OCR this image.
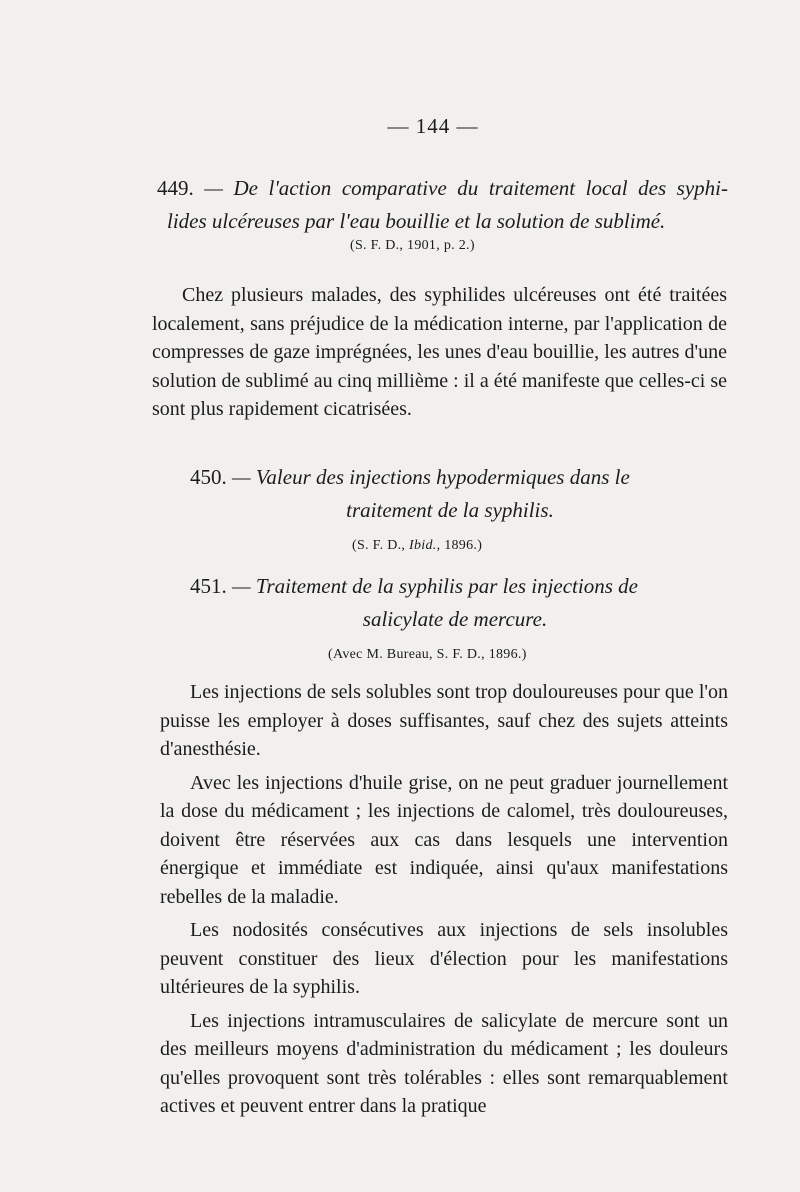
— 144 —
449. — De l'action comparative du traitement local des syphi-
lides ulcéreuses par l'eau bouillie et la solution de sublimé.
(S. F. D., 1901, p. 2.)

Chez plusieurs malades, des syphilides ulcéreuses ont été traitées localement, sans préjudice de la médication interne, par l'application de compresses de gaze imprégnées, les unes d'eau bouillie, les autres d'une solution de sublimé au cinq millième : il a été manifeste que celles-ci se sont plus rapidement cicatrisées.

450. — Valeur des injections hypodermiques dans le
traitement de la syphilis.
(S. F. D., Ibid., 1896.)
451. — Traitement de la syphilis par les injections de
salicylate de mercure.
(Avec M. Bureau, S. F. D., 1896.)

Les injections de sels solubles sont trop douloureuses pour que l'on puisse les employer à doses suffisantes, sauf chez des sujets atteints d'anesthésie.

Avec les injections d'huile grise, on ne peut graduer journellement la dose du médicament ; les injections de calomel, très douloureuses, doivent être réservées aux cas dans lesquels une intervention énergique et immédiate est indiquée, ainsi qu'aux manifestations rebelles de la maladie.

Les nodosités consécutives aux injections de sels insolubles peuvent constituer des lieux d'élection pour les manifestations ultérieures de la syphilis.

Les injections intramusculaires de salicylate de mercure sont un des meilleurs moyens d'administration du médicament ; les douleurs qu'elles provoquent sont très tolérables : elles sont remarquablement actives et peuvent entrer dans la pratique
